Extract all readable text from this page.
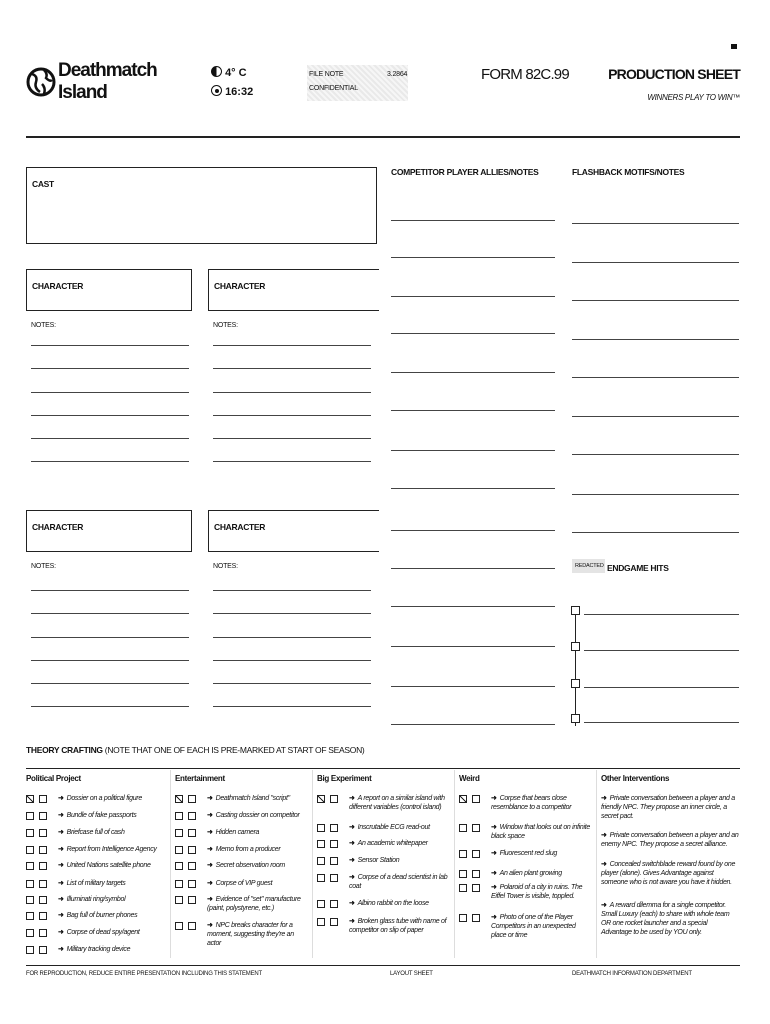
Deathmatch
Island
4° C
16:32
FILE NOTE	3.2864
CONFIDENTIAL
FORM 82C.99	PRODUCTION SHEET
WINNERS PLAY TO WIN™
CAST
CHARACTER
NOTES:
CHARACTER
NOTES:
CHARACTER
NOTES:
CHARACTER
NOTES:
COMPETITOR PLAYER ALLIES/NOTES	FLASHBACK MOTIFS/NOTES
REDACTED ENDGAME HITS
THEORY CRAFTING (NOTE THAT ONE OF EACH IS PRE-MARKED AT START OF SEASON)
Political Project
➜ Dossier on a political figure
➜ Bundle of fake passports
➜ Briefcase full of cash
➜ Report from Intelligence Agency
➜ United Nations satellite phone
➜ List of military targets
➜ Illuminati ring/symbol
➜ Bag full of burner phones
➜ Corpse of dead spy/agent
➜ Military tracking device
Entertainment
➜ Deathmatch Island "script"
➜ Casting dossier on competitor
➜ Hidden camera
➜ Memo from a producer
➜ Secret observation room
➜ Corpse of VIP guest
➜ Evidence of "set" manufacture (paint, polystyrene, etc.)
➜ NPC breaks character for a moment, suggesting they're an actor
Big Experiment
➜ A report on a similar island with different variables (control island)
➜ Inscrutable ECG read-out
➜ An academic whitepaper
➜ Sensor Station
➜ Corpse of a dead scientist in lab coat
➜ Albino rabbit on the loose
➜ Broken glass tube with name of competitor on slip of paper
Weird
➜ Corpse that bears close resemblance to a competitor
➜ Window that looks out on infinite black space
➜ Fluorescent red slug
➜ An alien plant growing
➜ Polaroid of a city in ruins. The Eiffel Tower is visible, toppled.
➜ Photo of one of the Player Competitors in an unexpected place or time
Other Interventions
➜ Private conversation between a player and a friendly NPC. They propose an inner circle, a secret pact.
➜ Private conversation between a player and an enemy NPC. They propose a secret alliance.
➜ Concealed switchblade reward found by one player (alone). Gives Advantage against someone who is not aware you have it hidden.
➜ A reward dilemma for a single competitor. Small Luxury (each) to share with whole team OR one rocket launcher and a special Advantage to be used by YOU only.
FOR REPRODUCTION, REDUCE ENTIRE PRESENTATION INCLUDING THIS STATEMENT	LAYOUT SHEET	DEATHMATCH INFORMATION DEPARTMENT
